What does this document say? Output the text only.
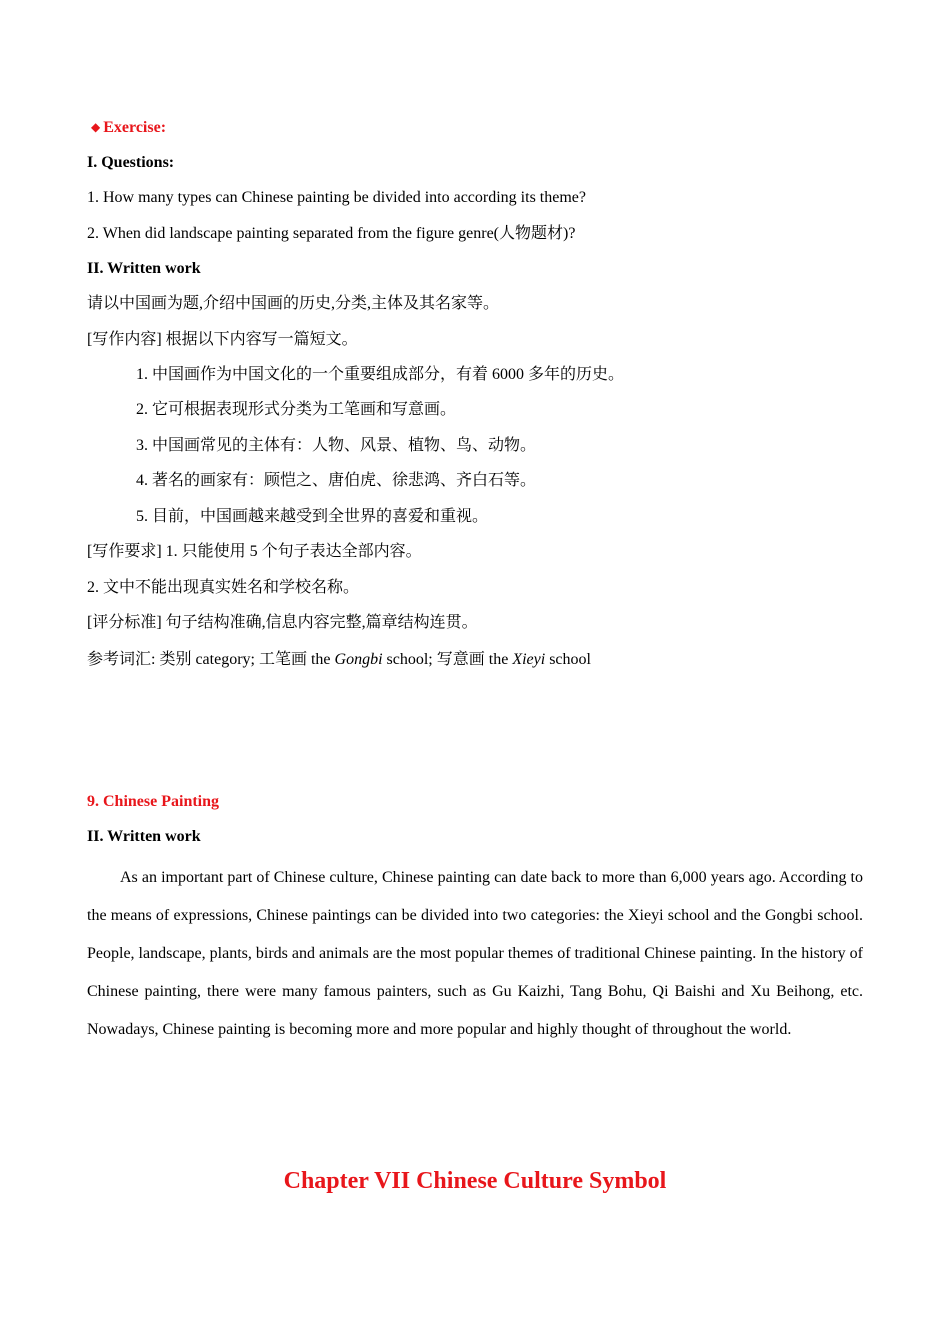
◆ Exercise:
I. Questions:
1. How many types can Chinese painting be divided into according its theme?
2. When did landscape painting separated from the figure genre(人物题材)?
II. Written work
请以中国画为题,介绍中国画的历史,分类,主体及其名家等。
[写作内容] 根据以下内容写一篇短文。
1. 中国画作为中国文化的一个重要组成部分，有着 6000 多年的历史。
2. 它可根据表现形式分类为工笔画和写意画。
3. 中国画常见的主体有：人物、风景、植物、鸟、动物。
4. 著名的画家有：顾恺之、唐伯虎、徐悲鸿、齐白石等。
5. 目前，中国画越来越受到全世界的喜爱和重视。
[写作要求] 1. 只能使用 5 个句子表达全部内容。
2. 文中不能出现真实姓名和学校名称。
[评分标准] 句子结构准确,信息内容完整,篇章结构连贯。
参考词汇: 类别 category; 工笔画 the Gongbi school; 写意画 the Xieyi school
9. Chinese Painting
II. Written work
As an important part of Chinese culture, Chinese painting can date back to more than 6,000 years ago. According to the means of expressions, Chinese paintings can be divided into two categories: the Xieyi school and the Gongbi school. People, landscape, plants, birds and animals are the most popular themes of traditional Chinese painting. In the history of Chinese painting, there were many famous painters, such as Gu Kaizhi, Tang Bohu, Qi Baishi and Xu Beihong, etc. Nowadays, Chinese painting is becoming more and more popular and highly thought of throughout the world.
Chapter VII Chinese Culture Symbol
